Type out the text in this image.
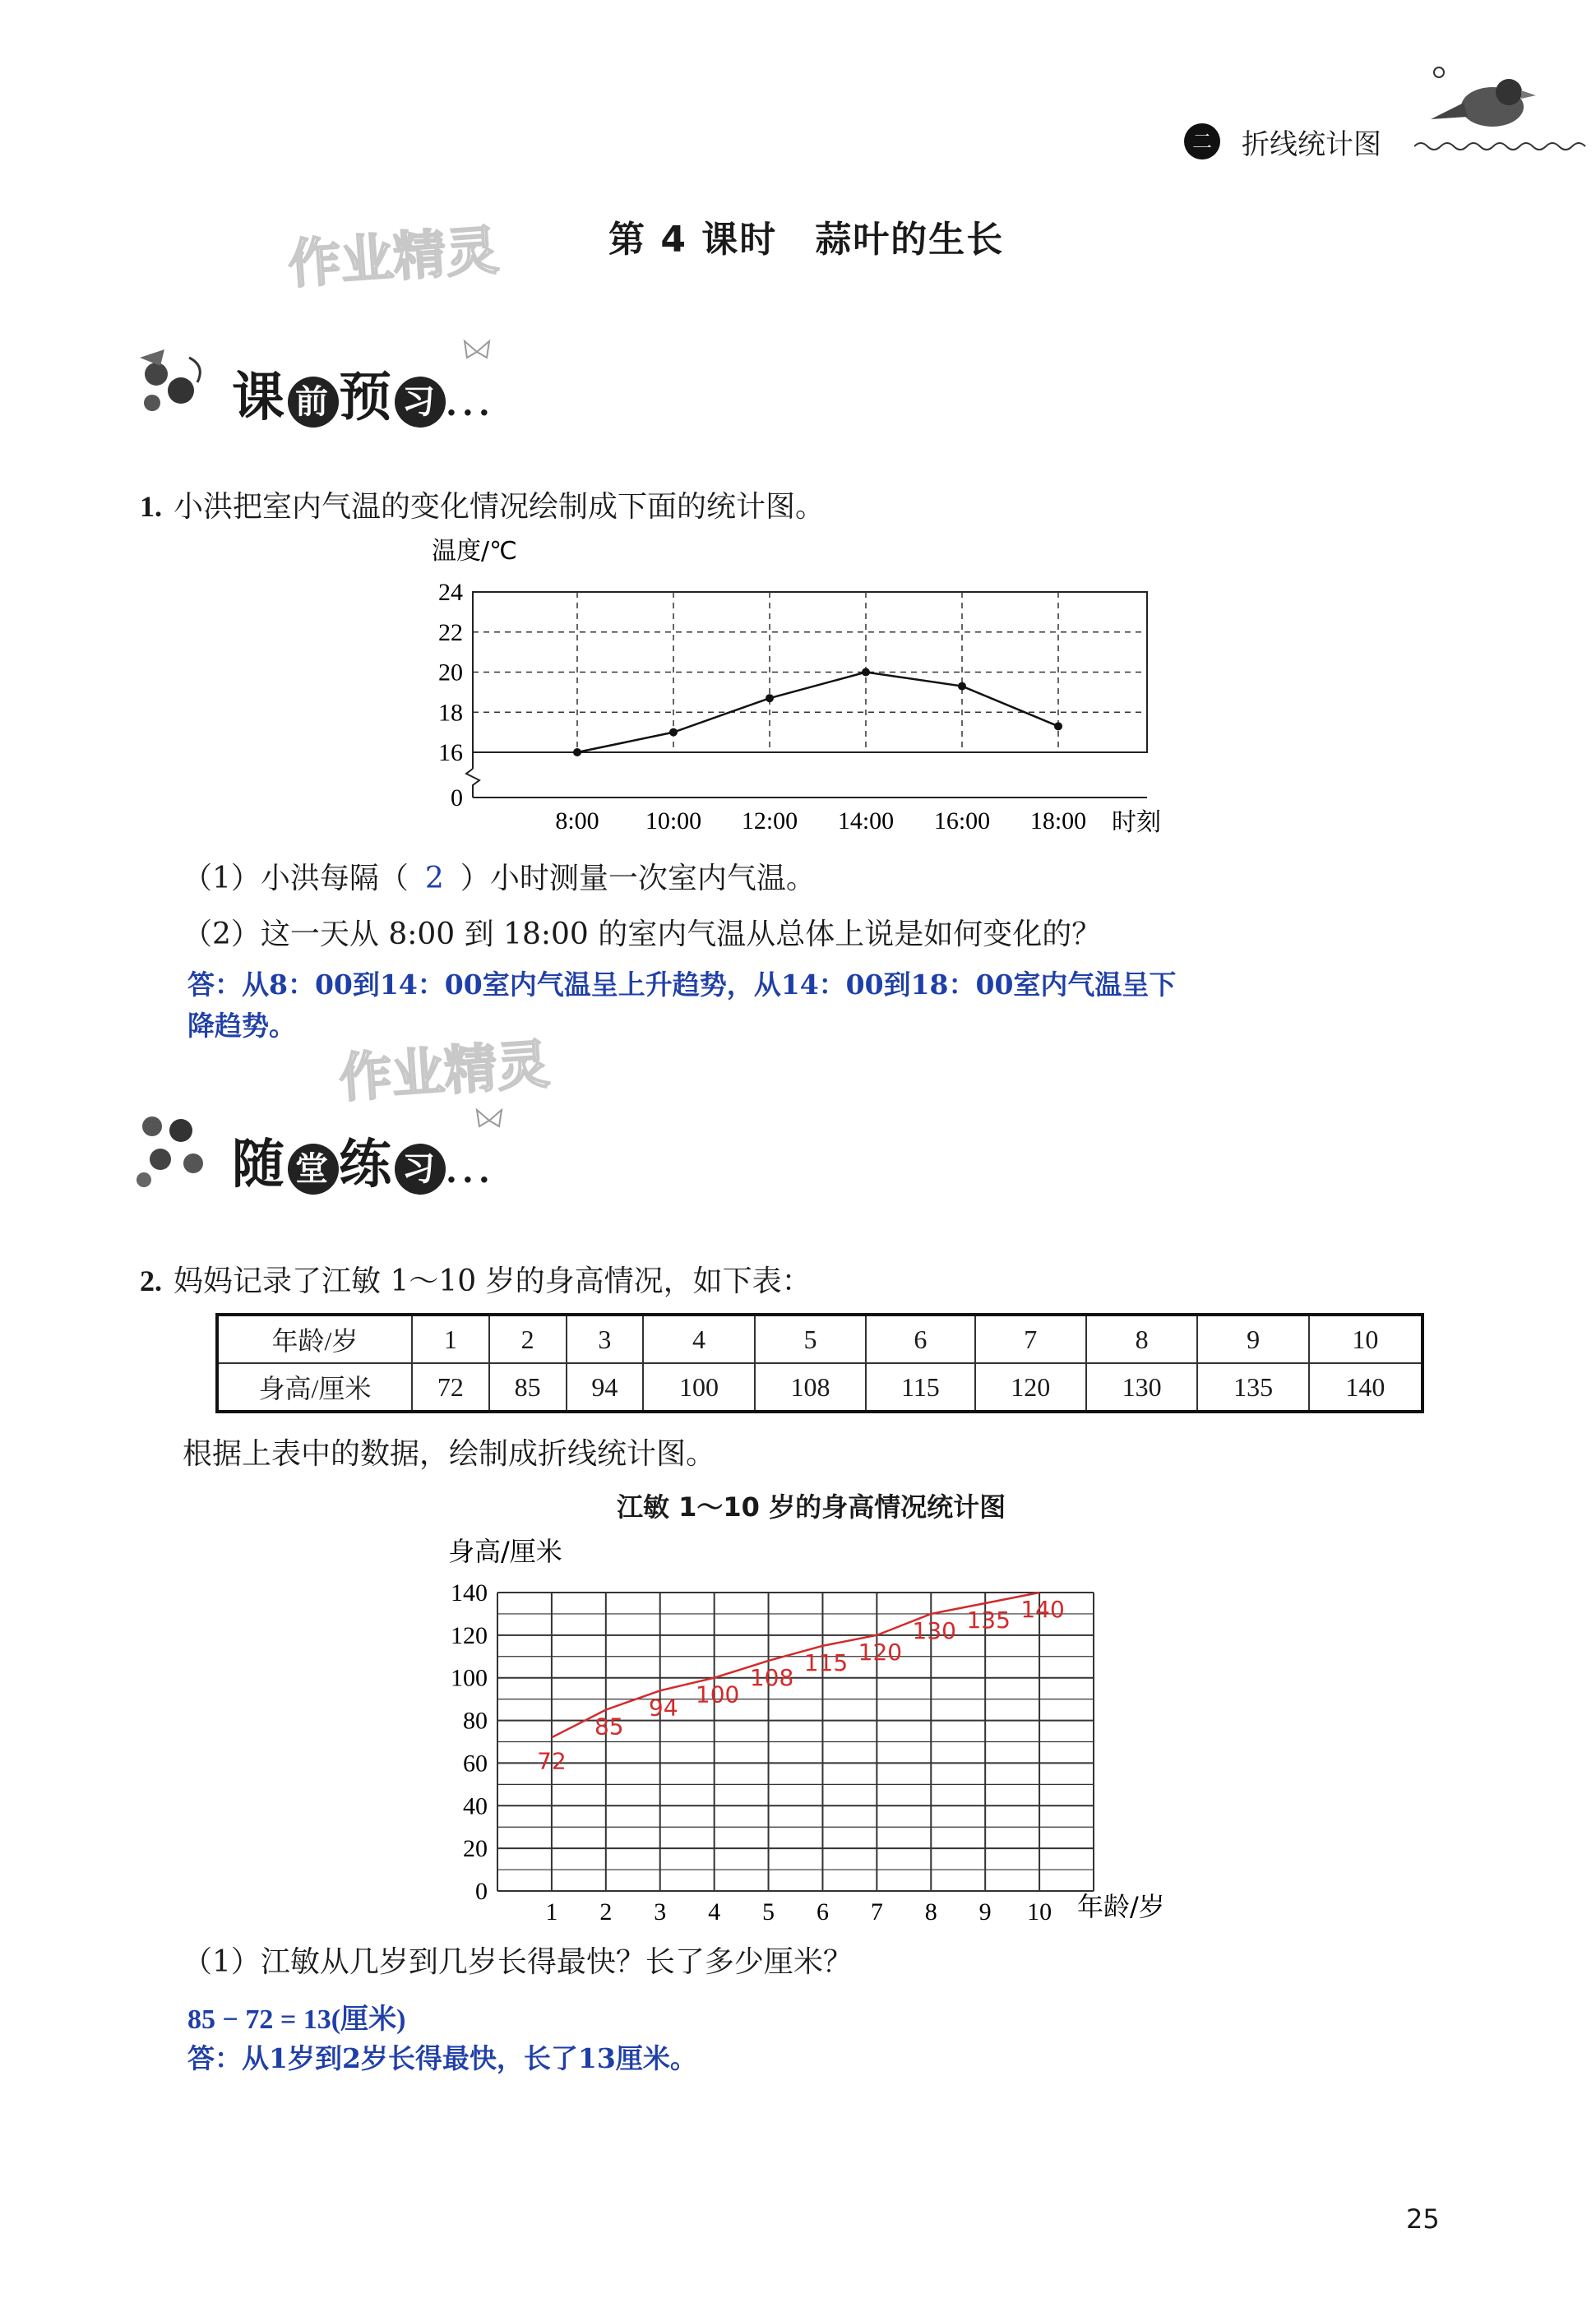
二 折线统计图
第 4 课时　蒜叶的生长
作业精灵
课 前 预 习 ...
1. 小洪把室内气温的变化情况绘制成下面的统计图。
温度/℃
时刻
0
16
18
20
22
24
8:00 10:00 12:00 14:00 16:00 18:00
（1）小洪每隔（ 2 ）小时测量一次室内气温。
（2）这一天从 8:00 到 18:00 的室内气温从总体上说是如何变化的？
答：从8：00到14：00室内气温呈上升趋势，从14：00到18：00室内气温呈下
降趋势。
作业精灵
随 堂 练 习 ...
2. 妈妈记录了江敏 1～10 岁的身高情况，如下表：
年龄/岁	1	2	3	4	5	6	7	8	9	10
身高/厘米	72	85	94	100	108	115	120	130	135	140
根据上表中的数据，绘制成折线统计图。
江敏 1～10 岁的身高情况统计图
身高/厘米
年龄/岁
0
20
40
60
80
100
120
140
1 2 3 4 5 6 7 8 9 10
72
85
94 100
108
115 120
130 135 140
（1）江敏从几岁到几岁长得最快？长了多少厘米？
85 − 72 = 13(厘米)
答：从1岁到2岁长得最快，长了13厘米。
25
